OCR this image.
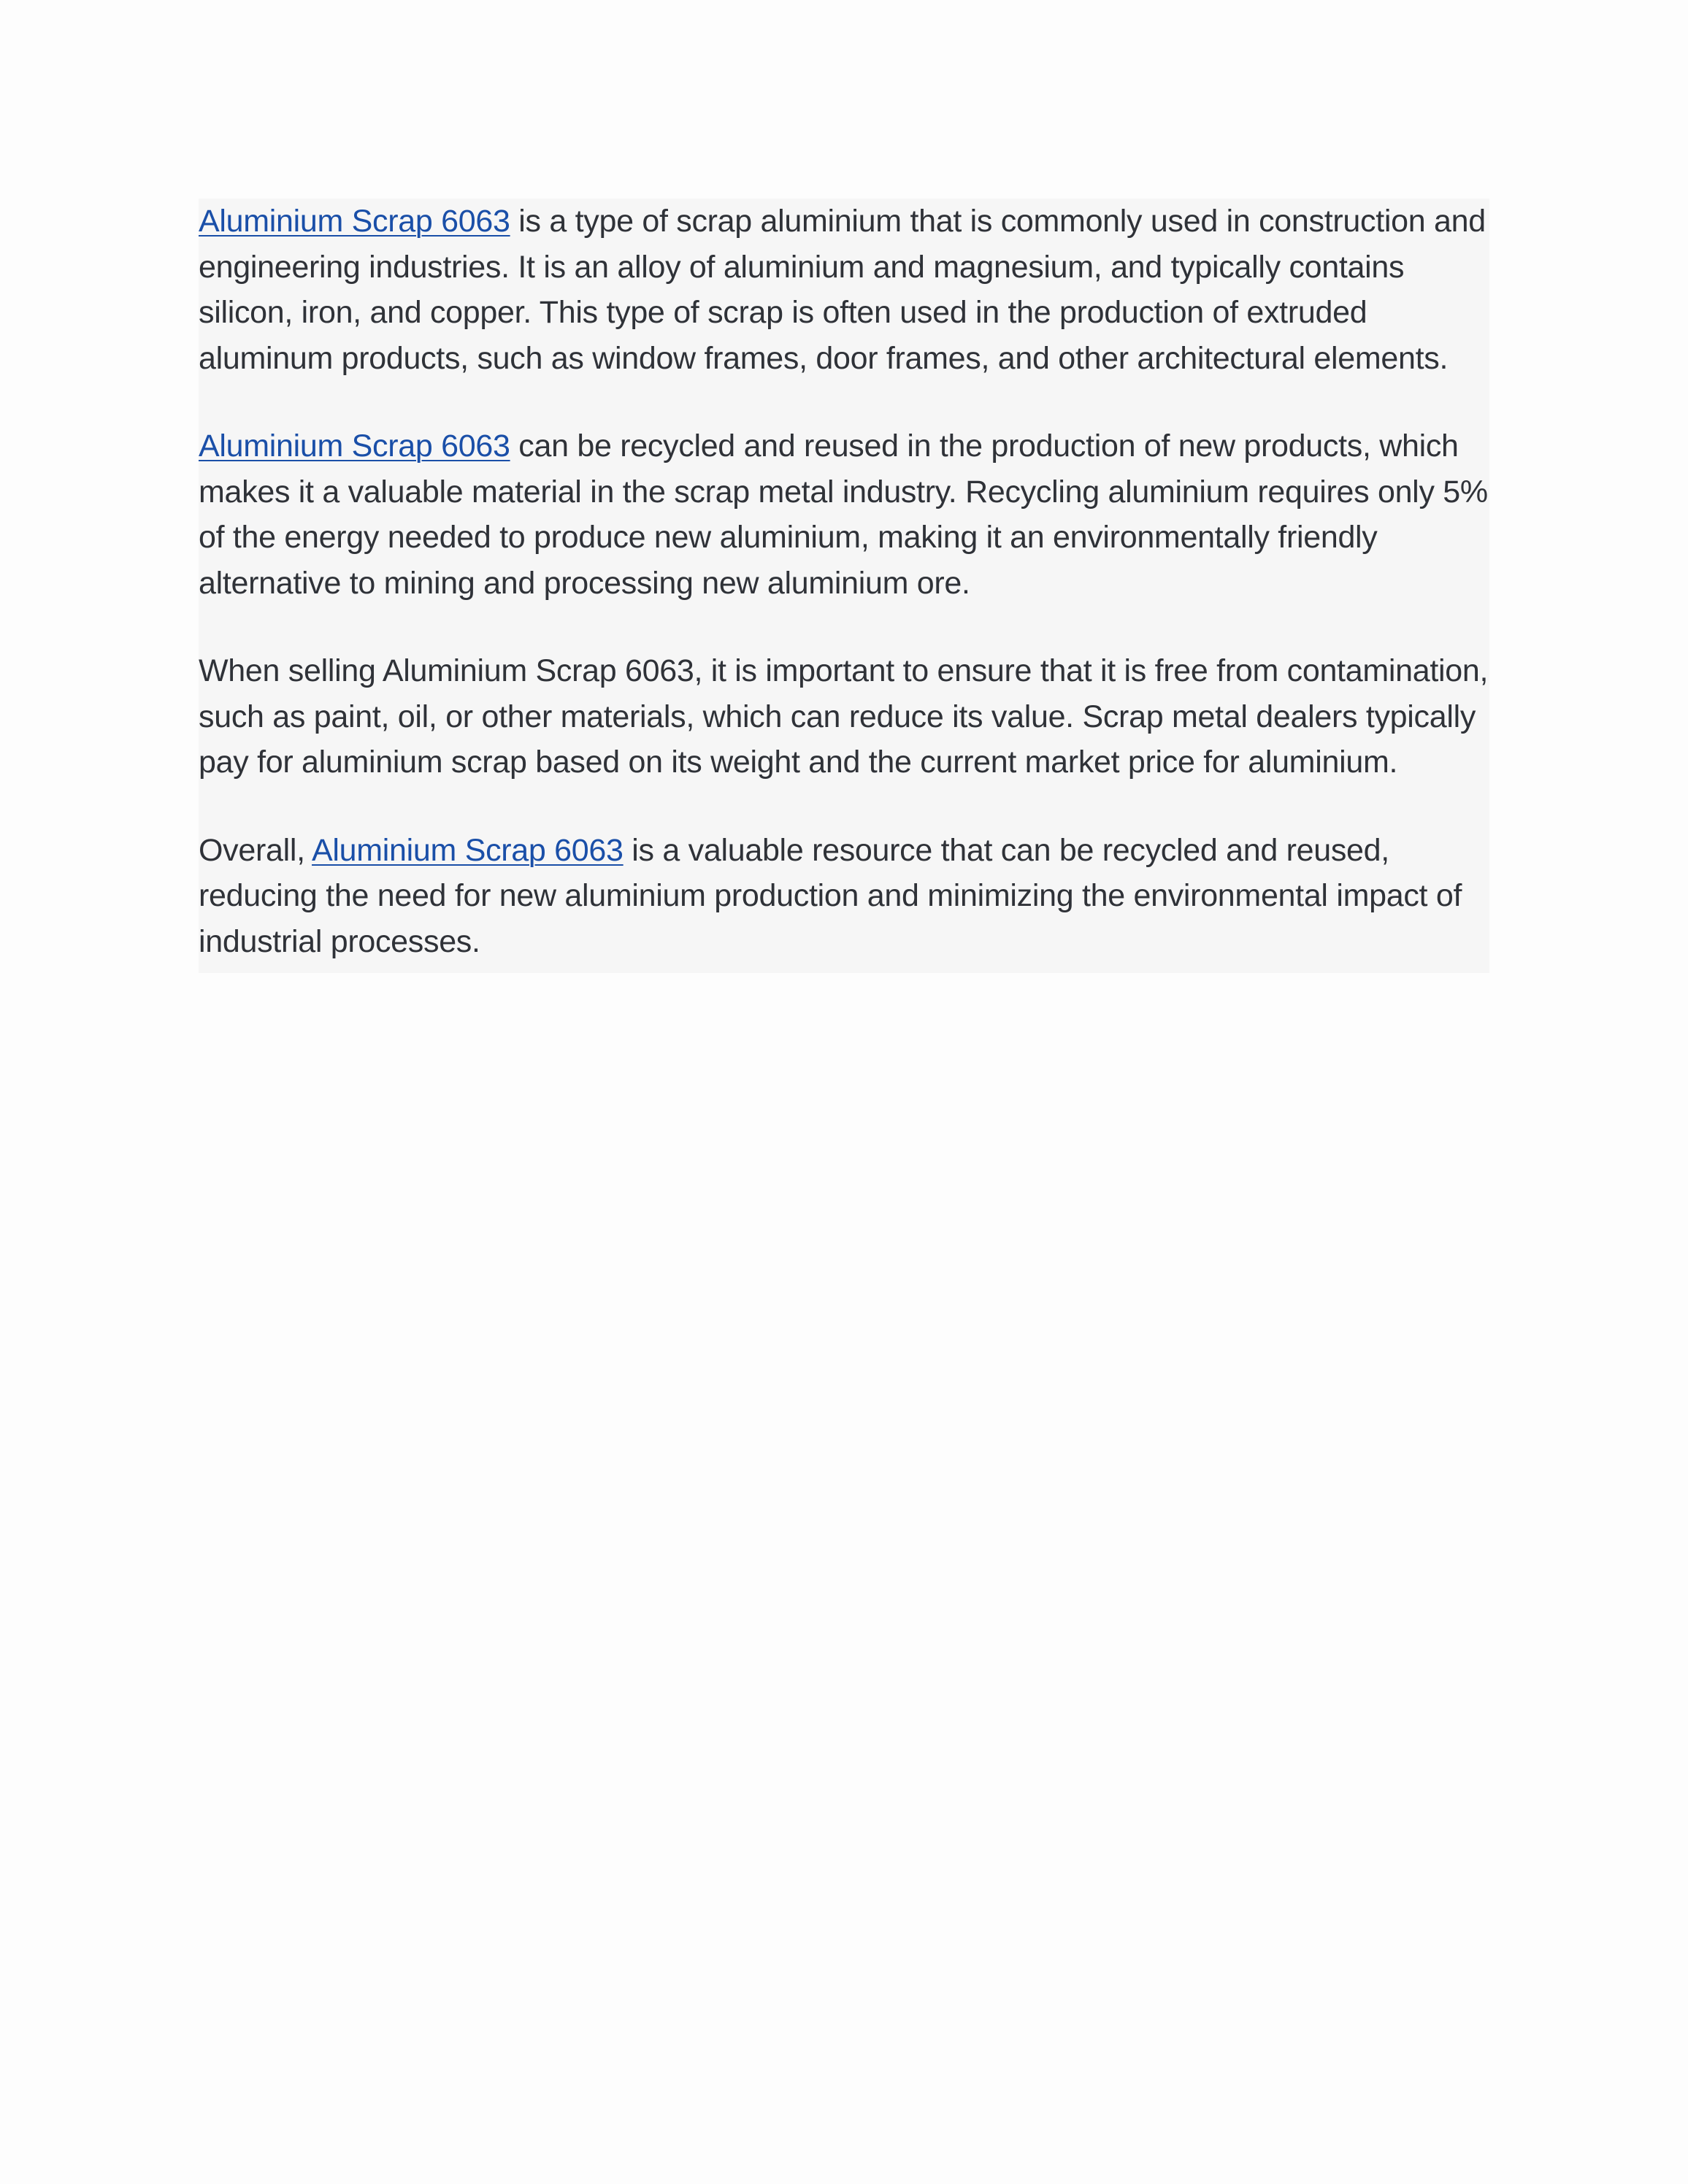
Aluminium Scrap 6063 is a type of scrap aluminium that is commonly used in construction and engineering industries. It is an alloy of aluminium and magnesium, and typically contains silicon, iron, and copper. This type of scrap is often used in the production of extruded aluminum products, such as window frames, door frames, and other architectural elements.

Aluminium Scrap 6063 can be recycled and reused in the production of new products, which makes it a valuable material in the scrap metal industry. Recycling aluminium requires only 5% of the energy needed to produce new aluminium, making it an environmentally friendly alternative to mining and processing new aluminium ore.

When selling Aluminium Scrap 6063, it is important to ensure that it is free from contamination, such as paint, oil, or other materials, which can reduce its value. Scrap metal dealers typically pay for aluminium scrap based on its weight and the current market price for aluminium.

Overall, Aluminium Scrap 6063 is a valuable resource that can be recycled and reused, reducing the need for new aluminium production and minimizing the environmental impact of industrial processes.
